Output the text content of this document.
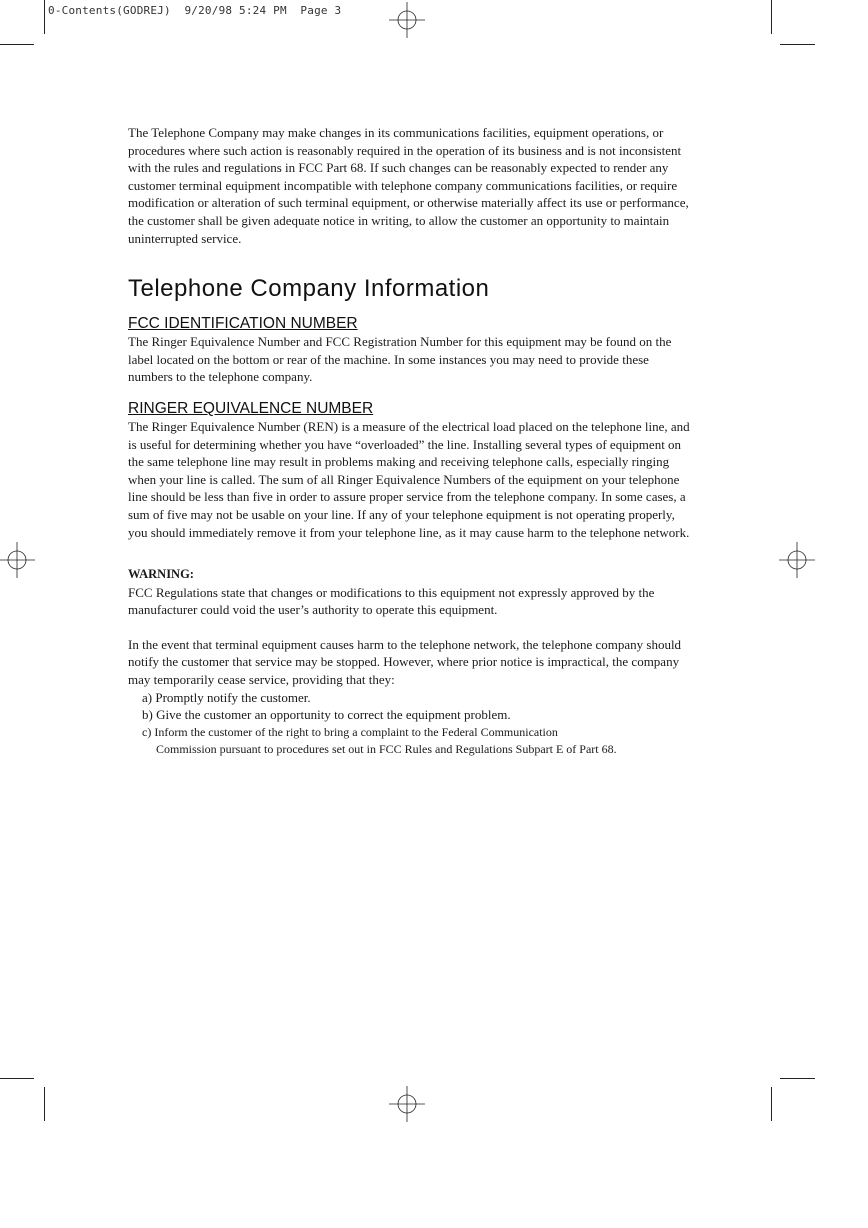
0-Contents(GODREJ)  9/20/98 5:24 PM  Page 3

The Telephone Company may make changes in its communications facilities, equipment operations, or procedures where such action is reasonably required in the operation of its business and is not inconsistent with the rules and regulations in FCC Part 68. If such changes can be reasonably expected to render any customer terminal equipment incompatible with telephone company communications facilities, or require modification or alteration of such terminal equipment, or otherwise materially affect its use or performance, the customer shall be given adequate notice in writing, to allow the customer an opportunity to maintain uninterrupted service.

Telephone Company Information
FCC IDENTIFICATION NUMBER

The Ringer Equivalence Number and FCC Registration Number for this equipment may be found on the label located on the bottom or rear of the machine. In some instances you may need to provide these numbers to the telephone company.

RINGER EQUIVALENCE NUMBER

The Ringer Equivalence Number (REN) is a measure of the electrical load placed on the telephone line, and is useful for determining whether you have “overloaded” the line. Installing several types of equipment on the same telephone line may result in problems making and receiving telephone calls, especially ringing when your line is called. The sum of all Ringer Equivalence Numbers of the equipment on your telephone line should be less than five in order to assure proper service from the telephone company. In some cases, a sum of five may not be usable on your line. If any of your telephone equipment is not operating properly, you should immediately remove it from your telephone line, as it may cause harm to the telephone network.

WARNING:

FCC Regulations state that changes or modifications to this equipment not expressly approved by the manufacturer could void the user’s authority to operate this equipment.

In the event that terminal equipment causes harm to the telephone network, the telephone company should notify the customer that service may be stopped. However, where prior notice is impractical, the company may temporarily cease service, providing that they:

a) Promptly notify the customer.
b) Give the customer an opportunity to correct the equipment problem.
c) Inform the customer of the right to bring a complaint to the Federal Communication
Commission pursuant to procedures set out in FCC Rules and Regulations Subpart E of Part 68.
